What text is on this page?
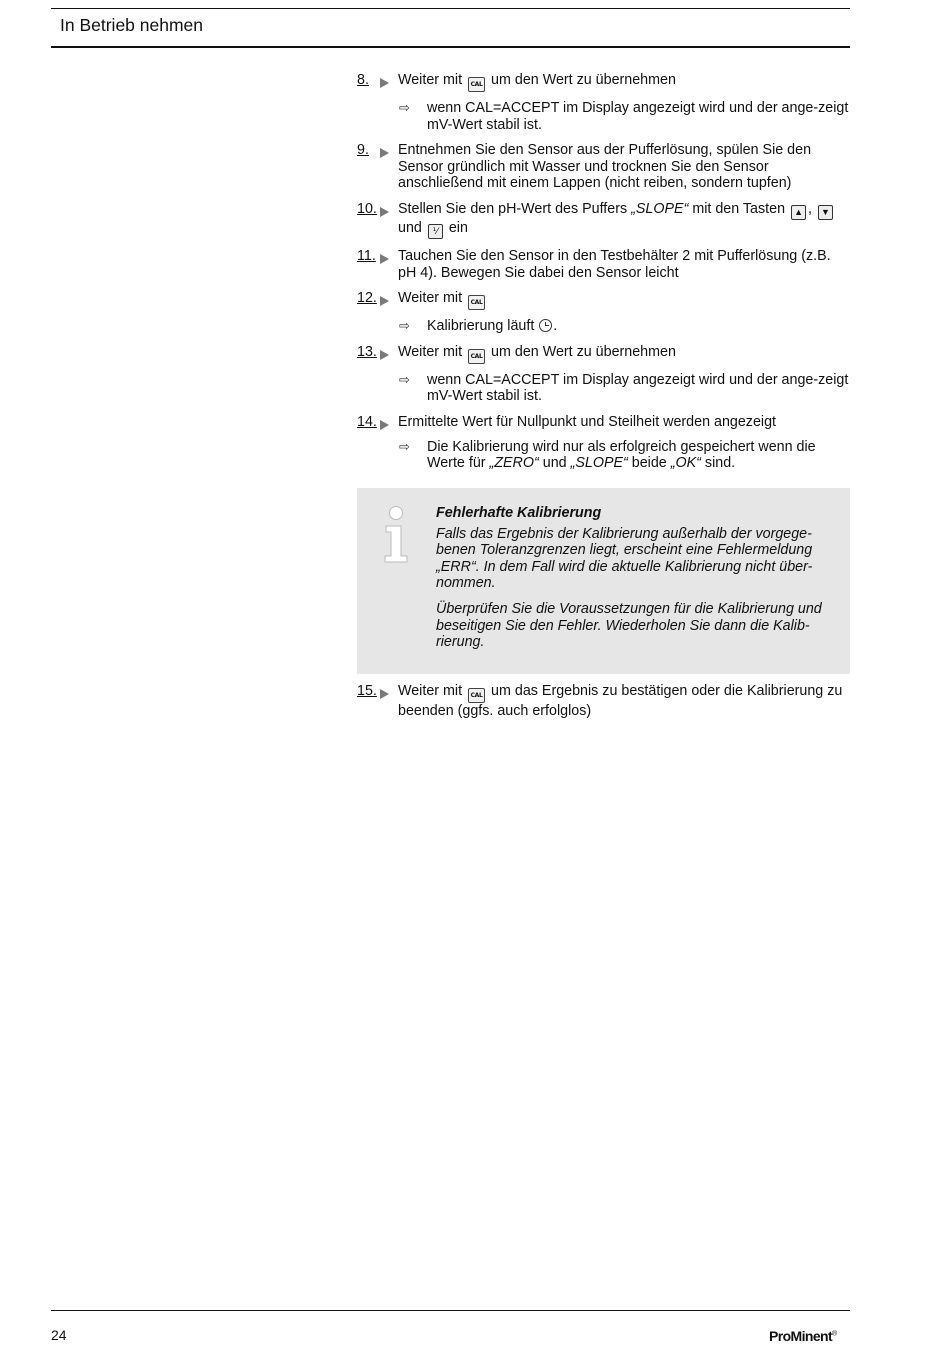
In Betrieb nehmen
8.	Weiter mit CAL um den Wert zu übernehmen
⇨ wenn CAL=ACCEPT im Display angezeigt wird und der ange-zeigt mV-Wert stabil ist.
9.	Entnehmen Sie den Sensor aus der Pufferlösung, spülen Sie den Sensor gründlich mit Wasser und trocknen Sie den Sensor anschließend mit einem Lappen (nicht reiben, sondern tupfen)
10.	Stellen Sie den pH-Wert des Puffers „SLOPE“ mit den Tasten ▲ , ▼ und ⅟ ein
11.	Tauchen Sie den Sensor in den Testbehälter 2 mit Pufferlösung (z.B. pH 4). Bewegen Sie dabei den Sensor leicht
12.	Weiter mit CAL
⇨ Kalibrierung läuft .
13.	Weiter mit CAL um den Wert zu übernehmen
⇨ wenn CAL=ACCEPT im Display angezeigt wird und der ange-zeigt mV-Wert stabil ist.
14.	Ermittelte Wert für Nullpunkt und Steilheit werden angezeigt
⇨ Die Kalibrierung wird nur als erfolgreich gespeichert wenn die Werte für „ZERO“ und „SLOPE“ beide „OK“ sind.
Fehlerhafte Kalibrierung

Falls das Ergebnis der Kalibrierung außerhalb der vorgege-benen Toleranzgrenzen liegt, erscheint eine Fehlermeldung „ERR“. In dem Fall wird die aktuelle Kalibrierung nicht über-nommen.

Überprüfen Sie die Voraussetzungen für die Kalibrierung und beseitigen Sie den Fehler. Wiederholen Sie dann die Kalib-rierung.

15.	Weiter mit CAL um das Ergebnis zu bestätigen oder die Kalibrierung zu beenden (ggfs. auch erfolglos)
24	ProMinent®
